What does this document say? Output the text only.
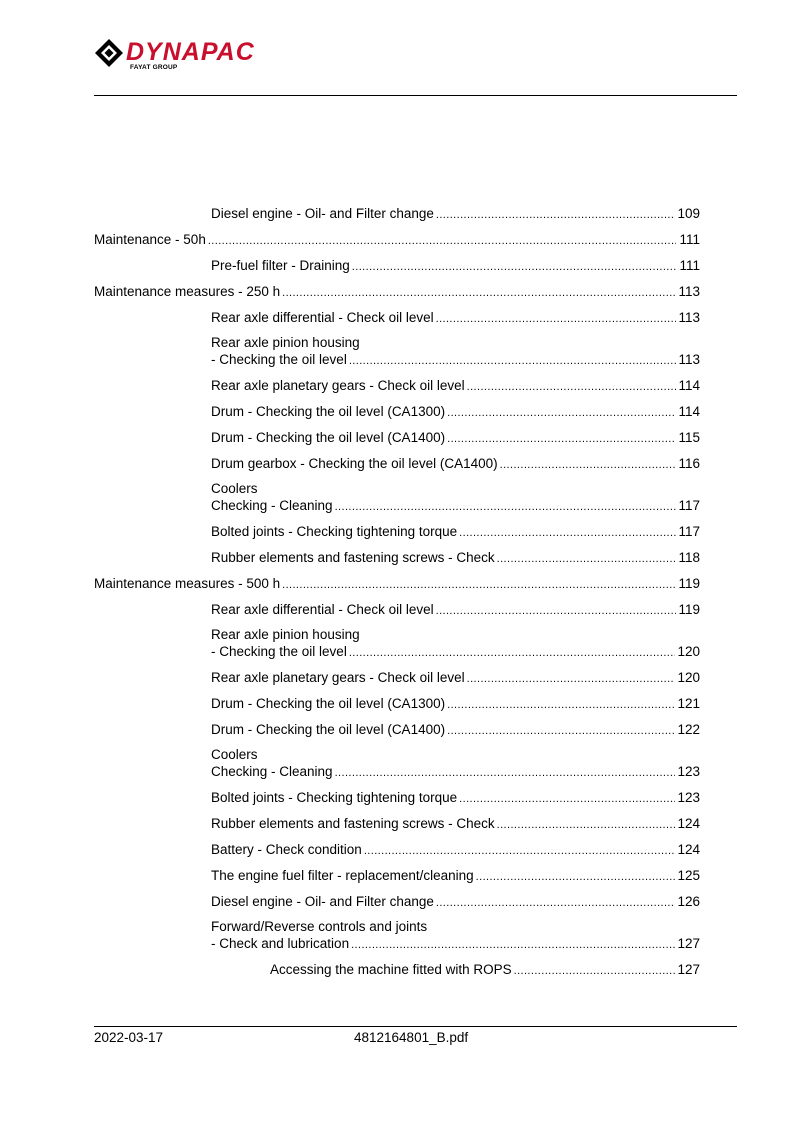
DYNAPAC
FAYAT GROUP
Diesel engine - Oil- and Filter change .....	109
Maintenance - 50h .....	111
Pre-fuel filter - Draining .....	111
Maintenance measures - 250 h .....	113
Rear axle differential - Check oil level .....	113
Rear axle pinion housing
- Checking the oil level .....	113
Rear axle planetary gears - Check oil level .....	114
Drum - Checking the oil level (CA1300) .....	114
Drum - Checking the oil level (CA1400) .....	115
Drum gearbox - Checking the oil level (CA1400) .....	116
Coolers
Checking - Cleaning .....	117
Bolted joints - Checking tightening torque .....	117
Rubber elements and fastening screws - Check .....	118
Maintenance measures - 500 h .....	119
Rear axle differential - Check oil level .....	119
Rear axle pinion housing
- Checking the oil level .....	120
Rear axle planetary gears - Check oil level .....	120
Drum - Checking the oil level (CA1300) .....	121
Drum - Checking the oil level (CA1400) .....	122
Coolers
Checking - Cleaning .....	123
Bolted joints - Checking tightening torque .....	123
Rubber elements and fastening screws - Check .....	124
Battery - Check condition .....	124
The engine fuel filter - replacement/cleaning .....	125
Diesel engine - Oil- and Filter change .....	126
Forward/Reverse controls and joints
- Check and lubrication .....	127
Accessing the machine fitted with ROPS .....	127
2022-03-17	4812164801_B.pdf
